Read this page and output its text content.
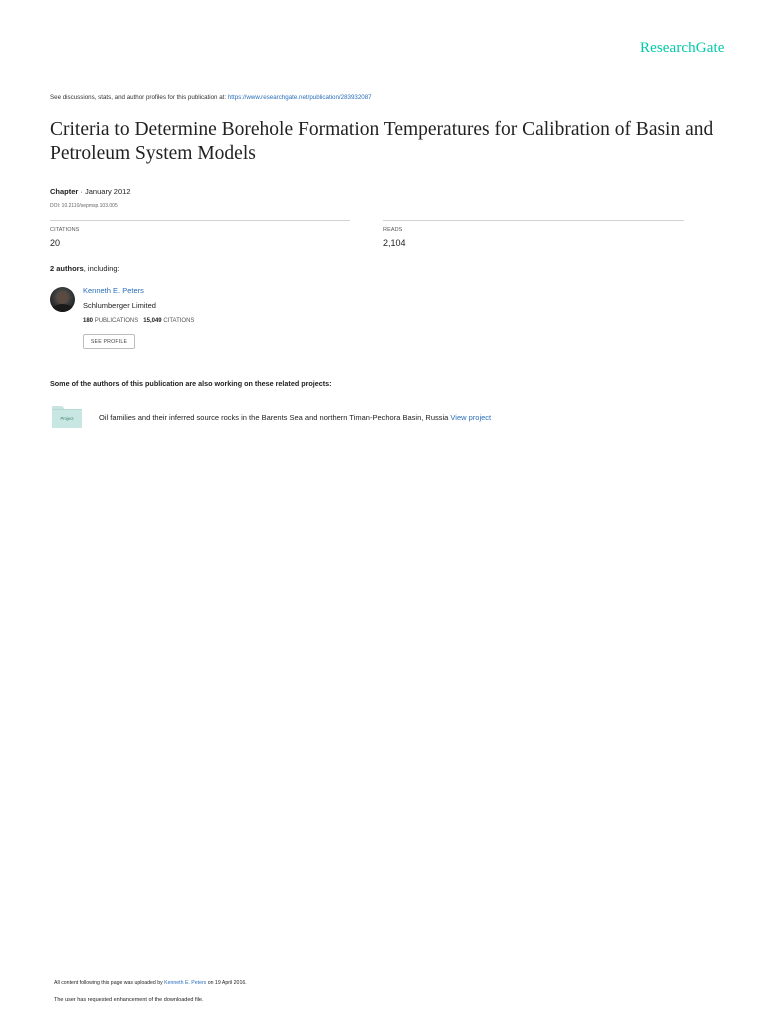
ResearchGate
See discussions, stats, and author profiles for this publication at: https://www.researchgate.net/publication/283932087
Criteria to Determine Borehole Formation Temperatures for Calibration of Basin and Petroleum System Models
Chapter · January 2012
DOI: 10.2110/sepmsp.103.005
CITATIONS
20
READS
2,104
2 authors, including:
Kenneth E. Peters
Schlumberger Limited
180 PUBLICATIONS 15,049 CITATIONS
SEE PROFILE
Some of the authors of this publication are also working on these related projects:
Project	Oil families and their inferred source rocks in the Barents Sea and northern Timan-Pechora Basin, Russia View project
All content following this page was uploaded by Kenneth E. Peters on 19 April 2016.
The user has requested enhancement of the downloaded file.
